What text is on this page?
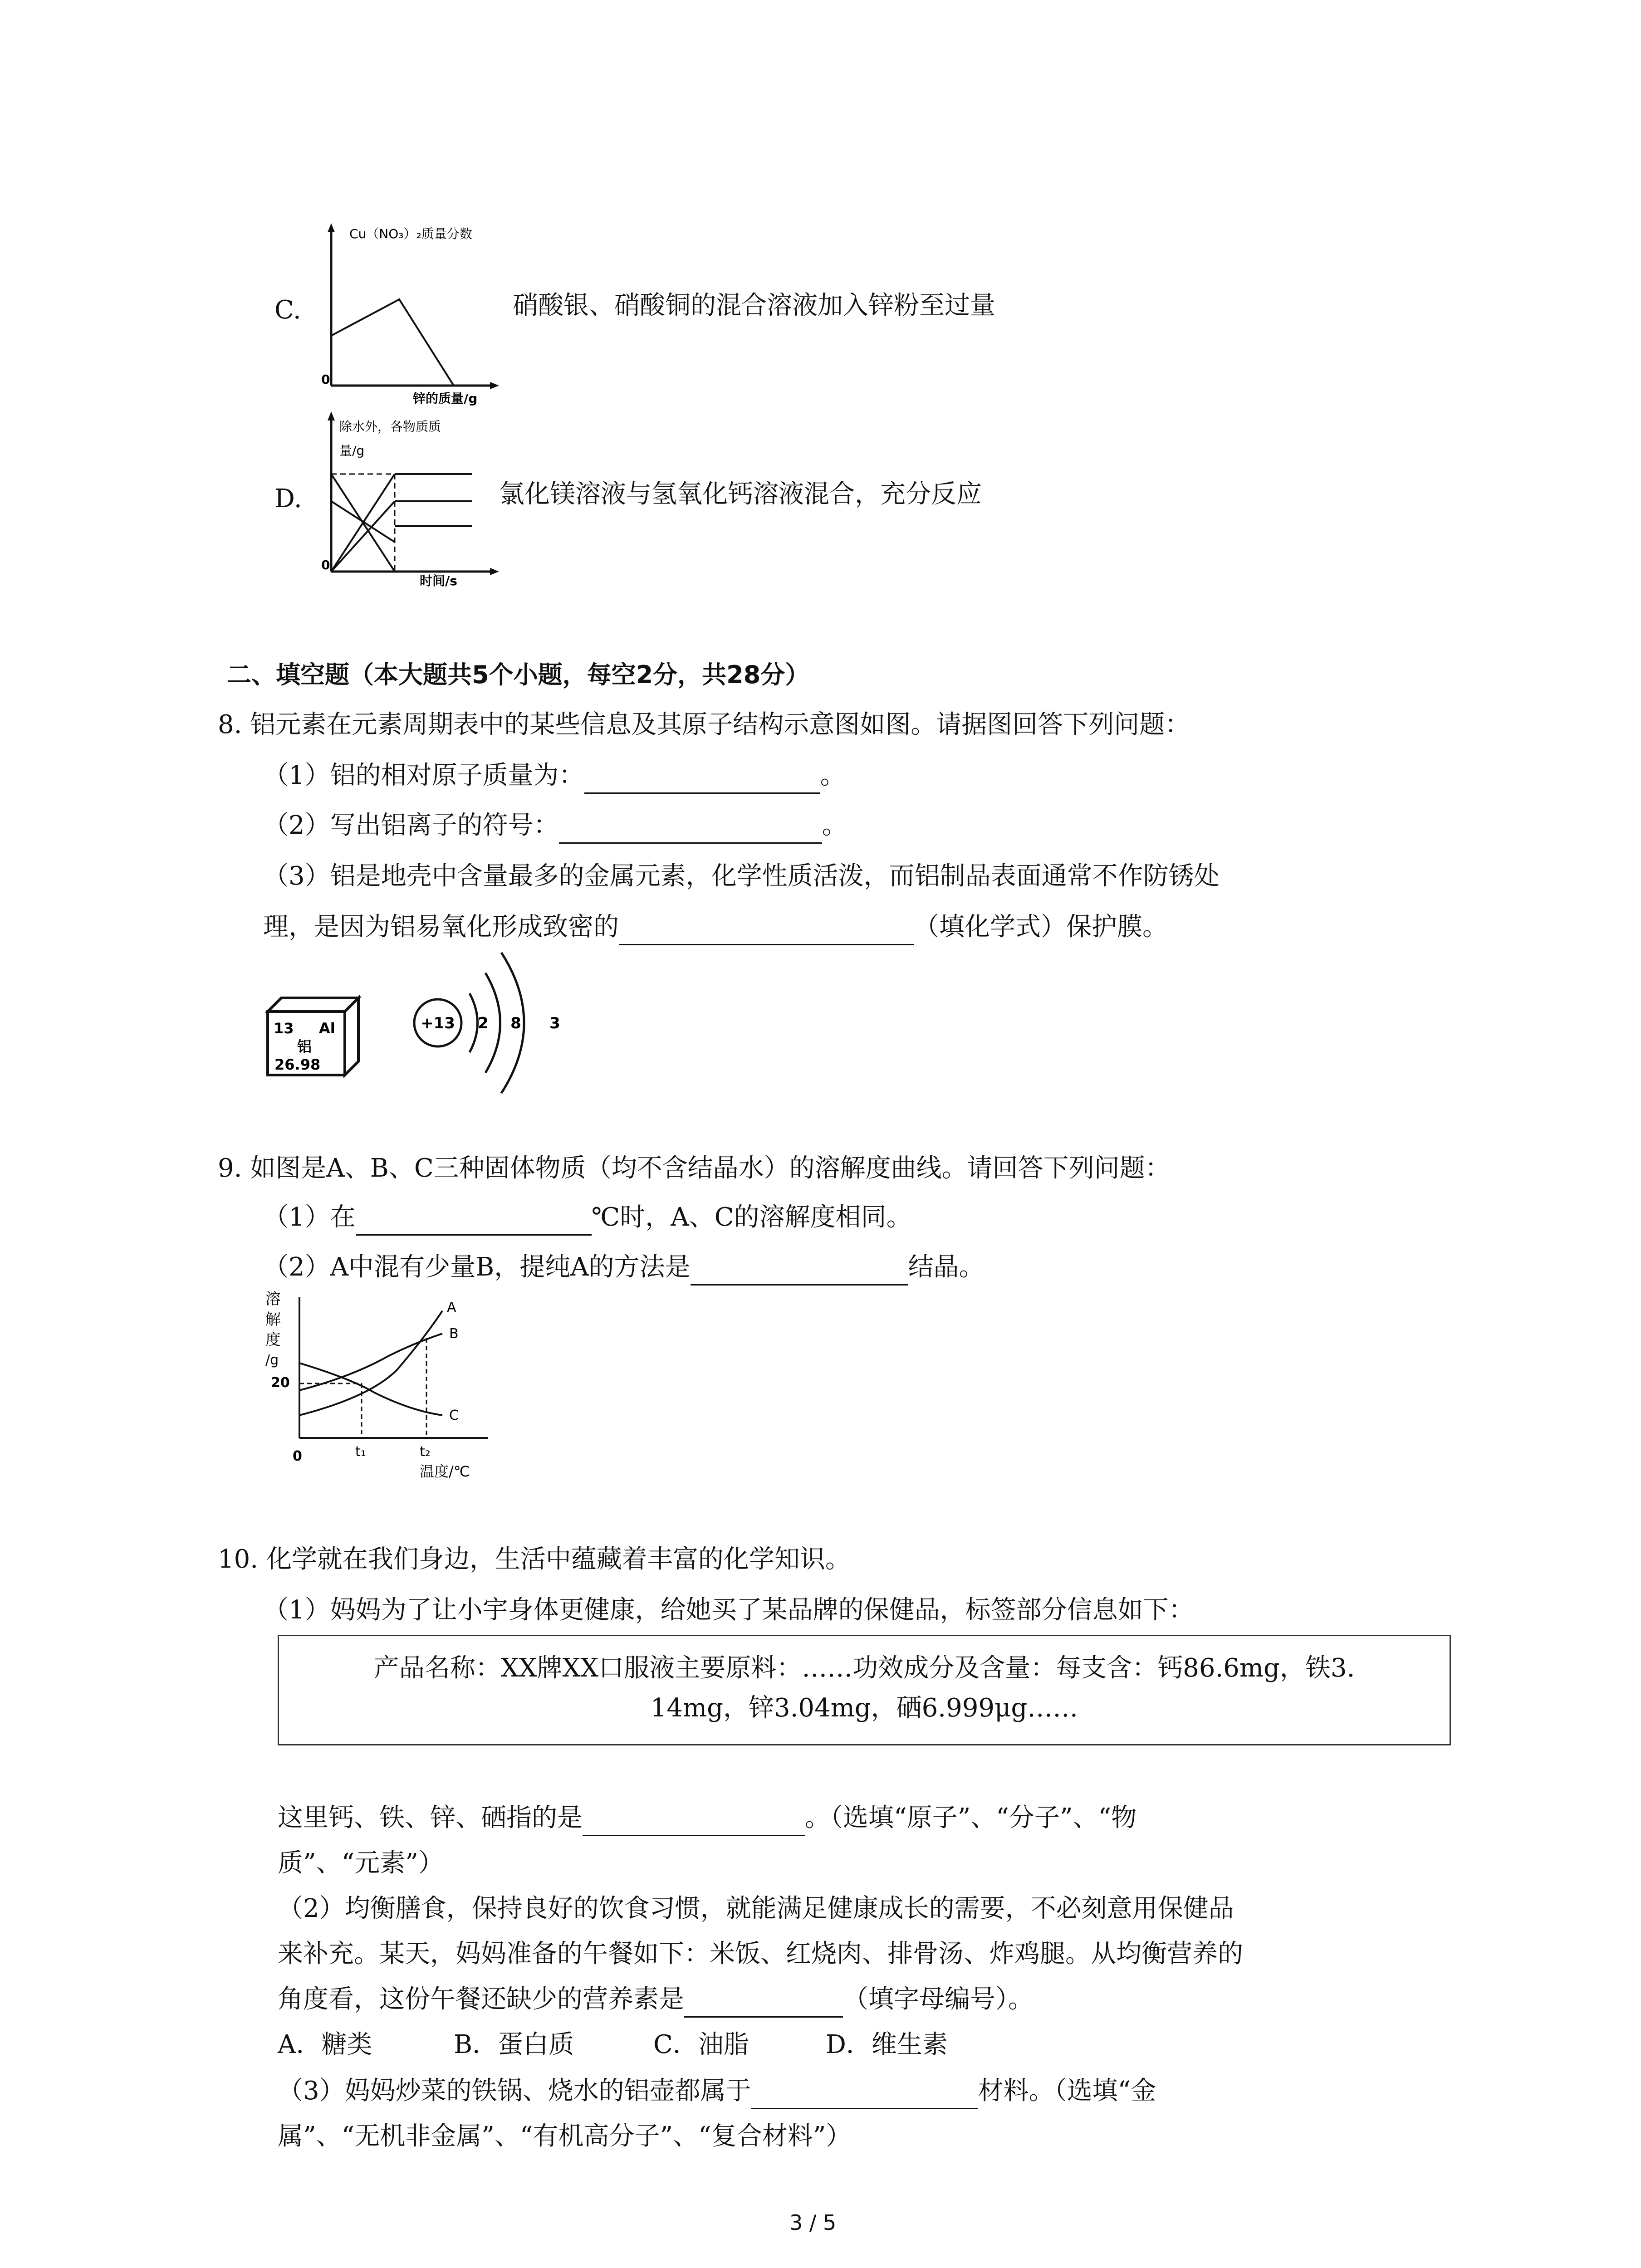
C.
Cu（NO₃）₂质量分数
0
锌的质量/g
硝酸银、硝酸铜的混合溶液加入锌粉至过量
D.
除水外，各物质质
量/g
0
时间/s
氯化镁溶液与氢氧化钙溶液混合，充分反应
二、填空题（本大题共5个小题，每空2分，共28分）
8. 铝元素在元素周期表中的某些信息及其原子结构示意图如图。请据图回答下列问题：
（1）铝的相对原子质量为：	。
（2）写出铝离子的符号：	。
（3）铝是地壳中含量最多的金属元素，化学性质活泼，而铝制品表面通常不作防锈处
理，是因为铝易氧化形成致密的	（填化学式）保护膜。
13 Al
铝
26.98
+13 2 8 3
9. 如图是A、B、C三种固体物质（均不含结晶水）的溶解度曲线。请回答下列问题：
（1）在	℃时，A、C的溶解度相同。
（2）A中混有少量B，提纯A的方法是	结晶。
溶
解
度
/g
20
0
A
B
C
t₁	t₂
温度/℃
10. 化学就在我们身边，生活中蕴藏着丰富的化学知识。
（1）妈妈为了让小宇身体更健康，给她买了某品牌的保健品，标签部分信息如下：
产品名称：XX牌XX口服液主要原料：……功效成分及含量：每支含：钙86.6mg，铁3.
14mg，锌3.04mg，硒6.999μg……
这里钙、铁、锌、硒指的是	。（选填“原子”、“分子”、“物
质”、“元素”）
（2）均衡膳食，保持良好的饮食习惯，就能满足健康成长的需要，不必刻意用保健品
来补充。某天，妈妈准备的午餐如下：米饭、红烧肉、排骨汤、炸鸡腿。从均衡营养的
角度看，这份午餐还缺少的营养素是	（填字母编号）。
A．糖类	B．蛋白质	C．油脂	D．维生素
（3）妈妈炒菜的铁锅、烧水的铝壶都属于	材料。（选填“金
属”、“无机非金属”、“有机高分子”、“复合材料”）
3 / 5
